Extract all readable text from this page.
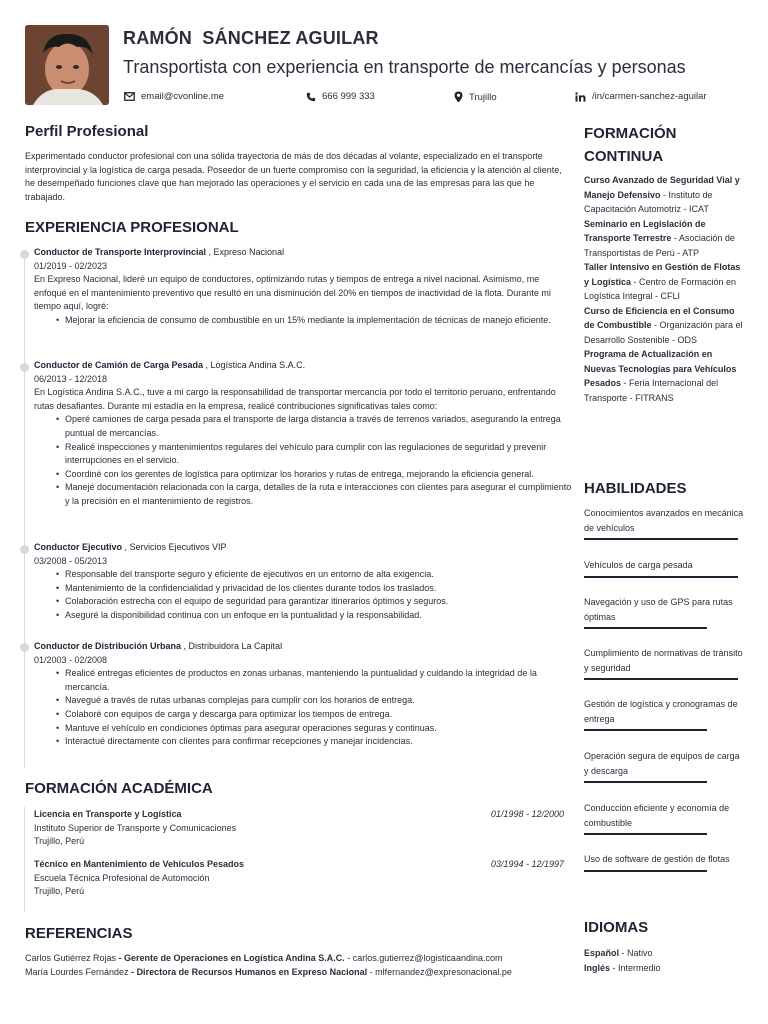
RAMÓN  SÁNCHEZ AGUILAR
Transportista con experiencia en transporte de mercancías y personas
email@cvonline.me	666 999 333	Trujillo	/in/carmen-sanchez-aguilar
Perfil Profesional
Experimentado conductor profesional con una sólida trayectoria de más de dos décadas al volante, especializado en el transporte interprovincial y la logística de carga pesada. Poseedor de un fuerte compromiso con la seguridad, la eficiencia y la atención al cliente, he desempeñado funciones clave que han mejorado las operaciones y el servicio en cada una de las empresas para las que he trabajado.
EXPERIENCIA PROFESIONAL
Conductor de Transporte Interprovincial , Expreso Nacional
01/2019 - 02/2023
En Expreso Nacional, lideré un equipo de conductores, optimizando rutas y tiempos de entrega a nivel nacional. Asimismo, me enfoqué en el mantenimiento preventivo que resultó en una disminución del 20% en tiempos de inactividad de la flota. Durante mi tiempo aquí, logré:
• Mejorar la eficiencia de consumo de combustible en un 15% mediante la implementación de técnicas de manejo eficiente.
Conductor de Camión de Carga Pesada , Logística Andina S.A.C.
06/2013 - 12/2018
En Logística Andina S.A.C., tuve a mi cargo la responsabilidad de transportar mercancía por todo el territorio peruano, enfrentando rutas desafiantes. Durante mi estadía en la empresa, realicé contribuciones significativas tales como:
• Operé camiones de carga pesada para el transporte de larga distancia a través de terrenos variados, asegurando la entrega puntual de mercancías.
• Realicé inspecciones y mantenimientos regulares del vehículo para cumplir con las regulaciones de seguridad y prevenir interrupciones en el servicio.
• Coordiné con los gerentes de logística para optimizar los horarios y rutas de entrega, mejorando la eficiencia general.
• Manejé documentación relacionada con la carga, detalles de la ruta e interacciones con clientes para asegurar el cumplimiento y la precisión en el mantenimiento de registros.
Conductor Ejecutivo , Servicios Ejecutivos VIP
03/2008 - 05/2013
• Responsable del transporte seguro y eficiente de ejecutivos en un entorno de alta exigencia.
• Mantenimiento de la confidencialidad y privacidad de los clientes durante todos los traslados.
• Colaboración estrecha con el equipo de seguridad para garantizar itinerarios óptimos y seguros.
• Aseguré la disponibilidad continua con un enfoque en la puntualidad y la responsabilidad.
Conductor de Distribución Urbana , Distribuidora La Capital
01/2003 - 02/2008
• Realicé entregas eficientes de productos en zonas urbanas, manteniendo la puntualidad y cuidando la integridad de la mercancía.
• Navegué a través de rutas urbanas complejas para cumplir con los horarios de entrega.
• Colaboré con equipos de carga y descarga para optimizar los tiempos de entrega.
• Mantuve el vehículo en condiciones óptimas para asegurar operaciones seguras y continuas.
• Interactué directamente con clientes para confirmar recepciones y manejar incidencias.
FORMACIÓN ACADÉMICA
Licencia en Transporte y Logística	01/1998 - 12/2000
Instituto Superior de Transporte y Comunicaciones
Trujillo, Perú
Técnico en Mantenimiento de Vehículos Pesados	03/1994 - 12/1997
Escuela Técnica Profesional de Automoción
Trujillo, Perú
REFERENCIAS
Carlos Gutiérrez Rojas - Gerente de Operaciones en Logística Andina S.A.C. - carlos.gutierrez@logisticaandina.com
María Lourdes Fernández - Directora de Recursos Humanos en Expreso Nacional - mlfernandez@expresonacional.pe
FORMACIÓN CONTINUA
Curso Avanzado de Seguridad Vial y Manejo Defensivo - Instituto de Capacitación Automotriz - ICAT
Seminario en Legislación de Transporte Terrestre - Asociación de Transportistas de Perú - ATP
Taller Intensivo en Gestión de Flotas y Logística - Centro de Formación en Logística Integral - CFLI
Curso de Eficiencia en el Consumo de Combustible - Organización para el Desarrollo Sostenible - ODS
Programa de Actualización en Nuevas Tecnologías para Vehículos Pesados - Feria Internacional del Transporte - FITRANS
HABILIDADES
Conocimientos avanzados en mecánica de vehículos
Vehículos de carga pesada
Navegación y uso de GPS para rutas óptimas
Cumplimiento de normativas de tránsito y seguridad
Gestión de logística y cronogramas de entrega
Operación segura de equipos de carga y descarga
Conducción eficiente y economía de combustible
Uso de software de gestión de flotas
IDIOMAS
Español - Nativo
Inglés - Intermedio
